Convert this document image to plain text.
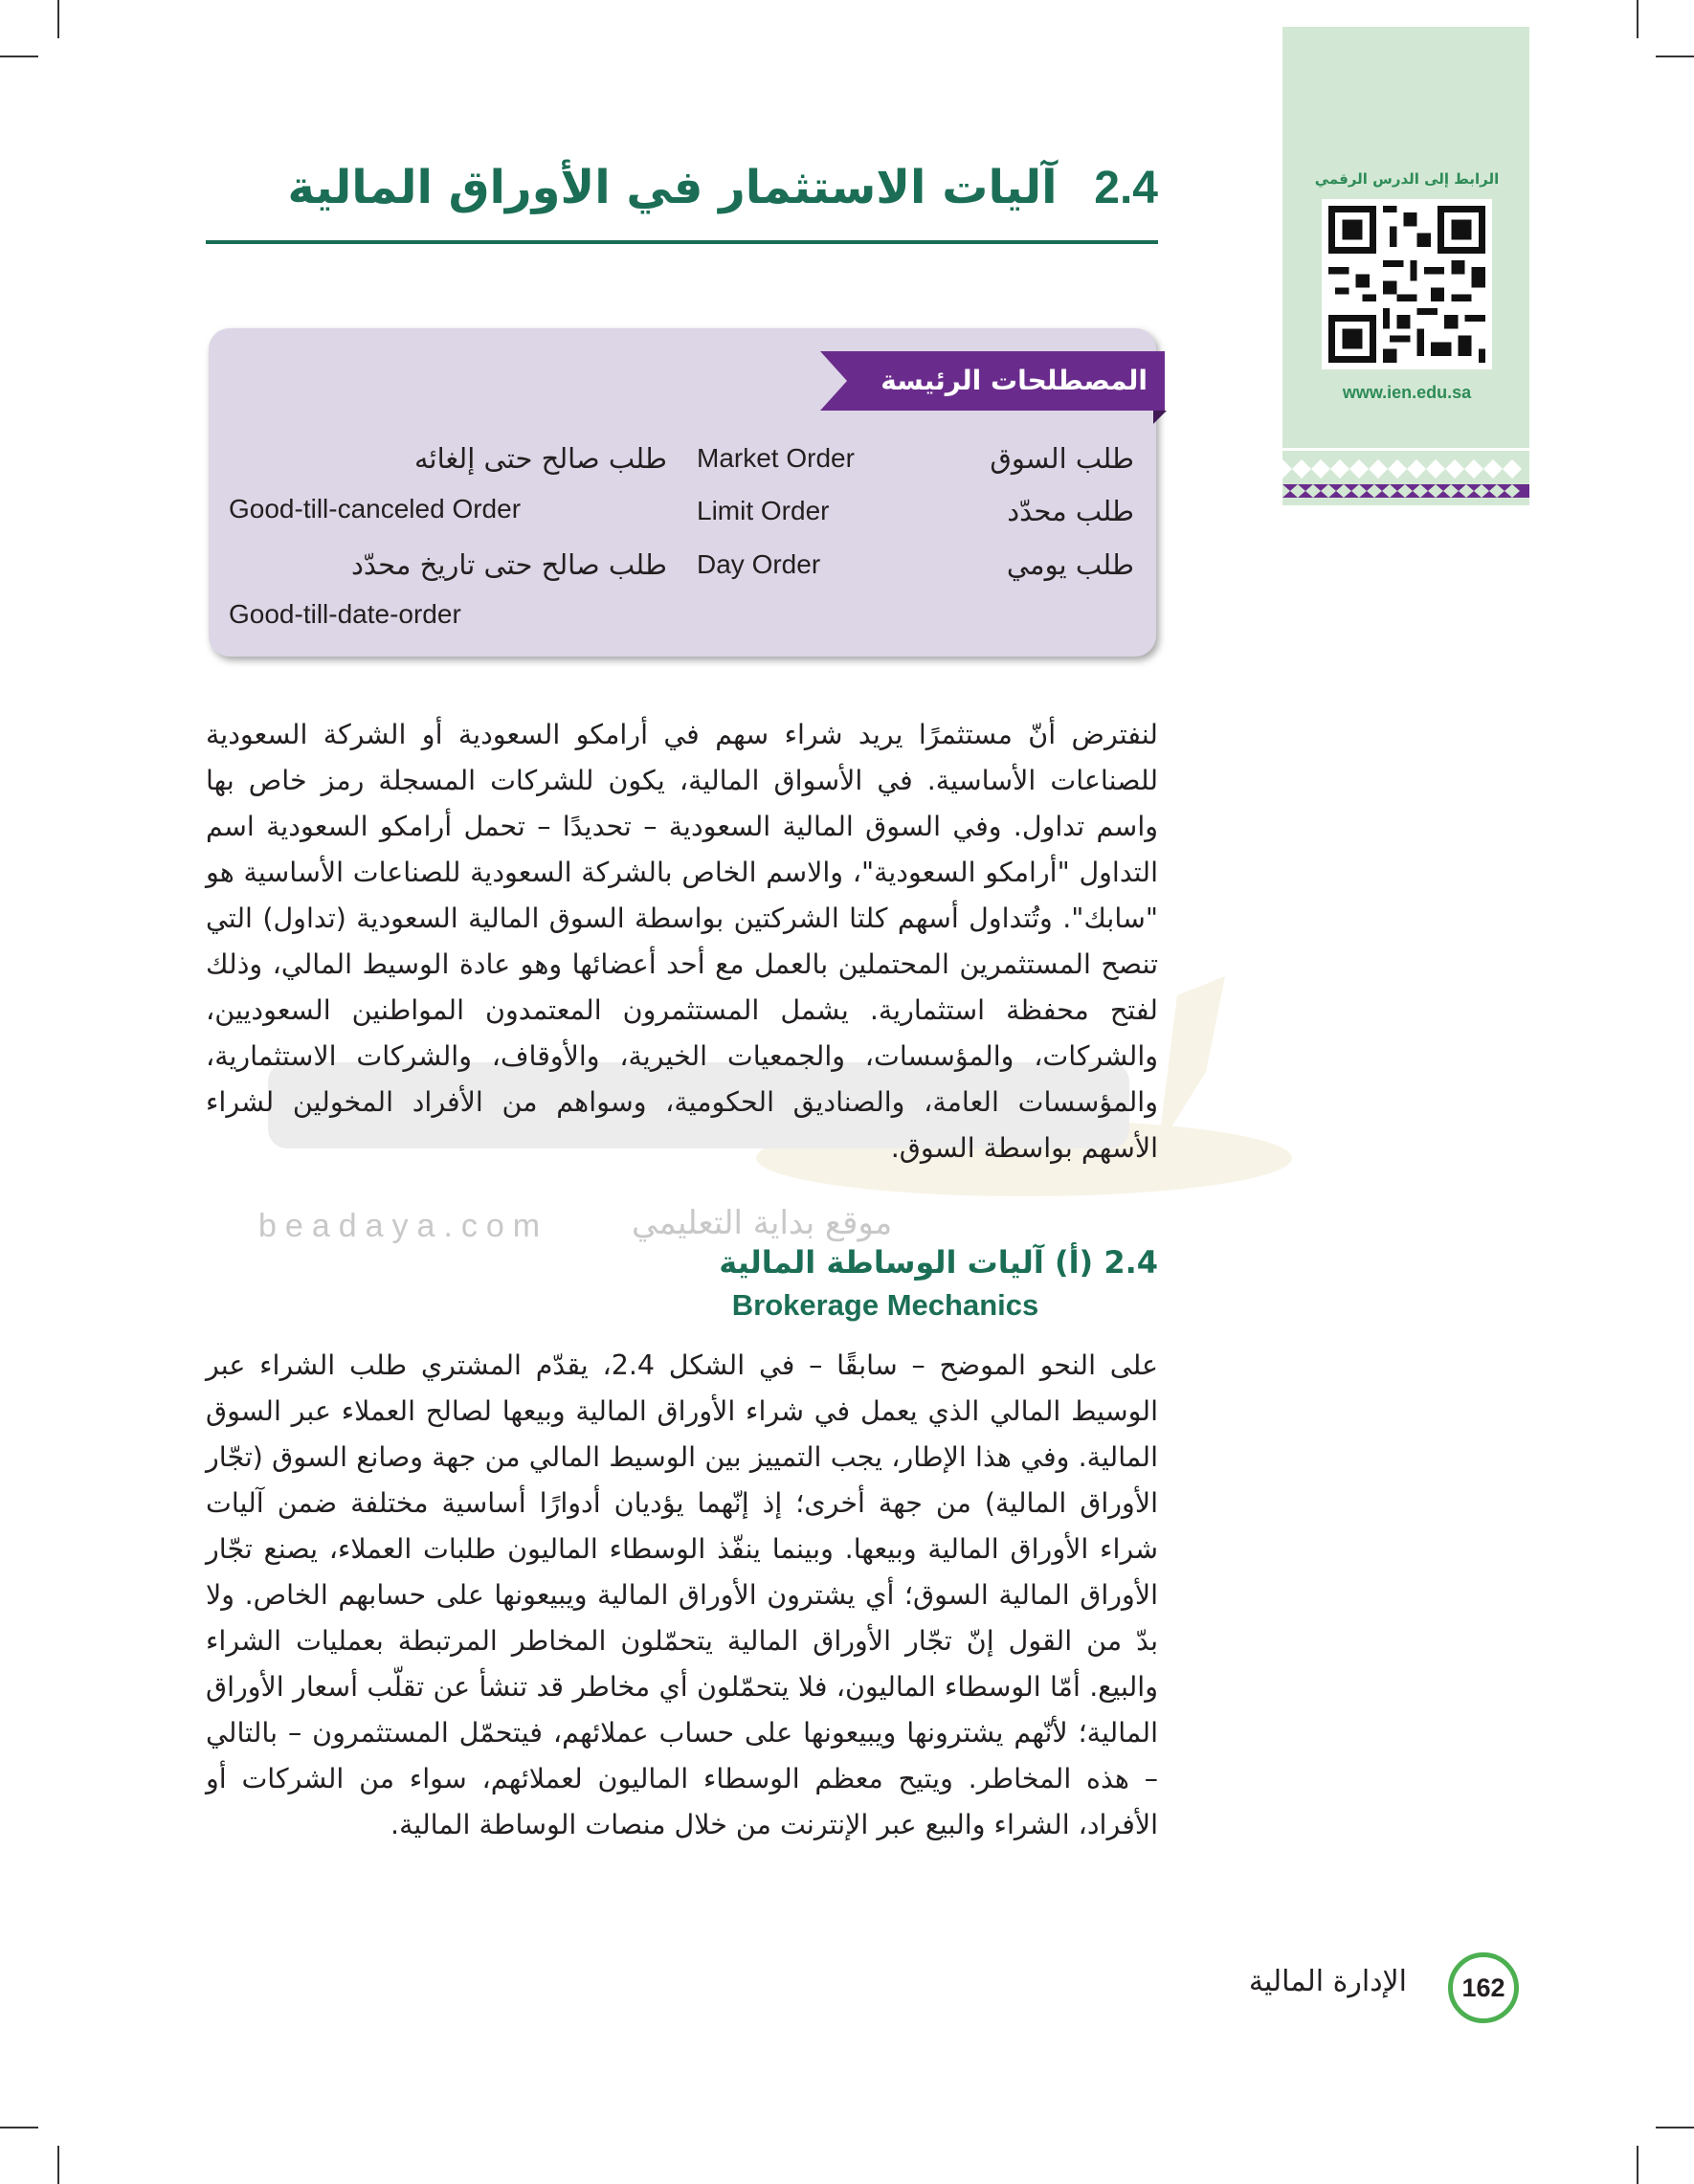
الرابط إلى الدرس الرقمي
www.ien.edu.sa
2.4 آليات الاستثمار في الأوراق المالية
المصطلحات الرئيسة
طلب السوق
Market Order
طلب محدّد
Limit Order
طلب يومي
Day Order
طلب صالح حتى إلغائه
Good-till-canceled Order
طلب صالح حتى تاريخ محدّد
Good-till-date-order
beadaya.com	موقع بداية التعليمي
لنفترض أنّ مستثمرًا يريد شراء سهم في أرامكو السعودية أو الشركة السعودية للصناعات الأساسية. في الأسواق المالية، يكون للشركات المسجلة رمز خاص بها واسم تداول. وفي السوق المالية السعودية – تحديدًا – تحمل أرامكو السعودية اسم التداول "أرامكو السعودية"، والاسم الخاص بالشركة السعودية للصناعات الأساسية هو "سابك". وتُتداول أسهم كلتا الشركتين بواسطة السوق المالية السعودية (تداول) التي تنصح المستثمرين المحتملين بالعمل مع أحد أعضائها وهو عادة الوسيط المالي، وذلك لفتح محفظة استثمارية. يشمل المستثمرون المعتمدون المواطنين السعوديين، والشركات، والمؤسسات، والجمعيات الخيرية، والأوقاف، والشركات الاستثمارية، والمؤسسات العامة، والصناديق الحكومية، وسواهم من الأفراد المخولين لشراء الأسهم بواسطة السوق.
2.4 (أ) آليات الوساطة المالية
Brokerage Mechanics
على النحو الموضح – سابقًا – في الشكل 2.4، يقدّم المشتري طلب الشراء عبر الوسيط المالي الذي يعمل في شراء الأوراق المالية وبيعها لصالح العملاء عبر السوق المالية. وفي هذا الإطار، يجب التمييز بين الوسيط المالي من جهة وصانع السوق (تجّار الأوراق المالية) من جهة أخرى؛ إذ إنّهما يؤديان أدوارًا أساسية مختلفة ضمن آليات شراء الأوراق المالية وبيعها. وبينما ينفّذ الوسطاء الماليون طلبات العملاء، يصنع تجّار الأوراق المالية السوق؛ أي يشترون الأوراق المالية ويبيعونها على حسابهم الخاص. ولا بدّ من القول إنّ تجّار الأوراق المالية يتحمّلون المخاطر المرتبطة بعمليات الشراء والبيع. أمّا الوسطاء الماليون، فلا يتحمّلون أي مخاطر قد تنشأ عن تقلّب أسعار الأوراق المالية؛ لأنّهم يشترونها ويبيعونها على حساب عملائهم، فيتحمّل المستثمرون – بالتالي – هذه المخاطر. ويتيح معظم الوسطاء الماليون لعملائهم، سواء من الشركات أو الأفراد، الشراء والبيع عبر الإنترنت من خلال منصات الوساطة المالية.
162
الإدارة المالية
